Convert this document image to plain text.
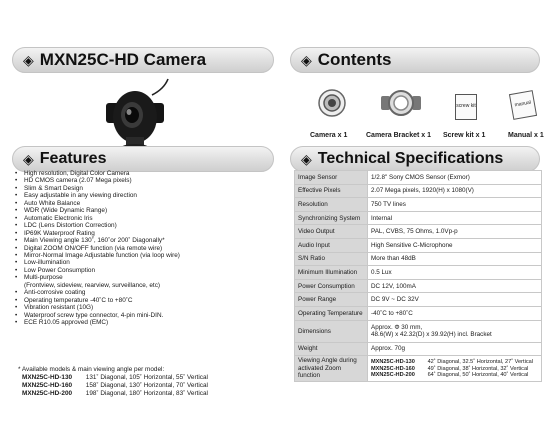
◈ MXN25C-HD Camera	◈ Contents
Camera x 1	Camera Bracket x 1
screw kit
Screw kit x 1
manual
Manual x 1
◈ Features	◈ Technical Specifications
• High resolution, Digital Color Camera
• HD CMOS camera (2.07 Mega pixels)
• Slim & Smart Design
• Easy adjustable in any viewing direction
• Auto White Balance
• WDR (Wide Dynamic Range)
• Automatic Electronic Iris
• LDC (Lens Distortion Correction)
• IP69K Waterproof Rating
• Main Viewing angle 130˚, 160˚or 200˚ Diagonally*
• Digital ZOOM ON/OFF function (via remote wire)
• Mirror-Normal Image Adjustable function (via loop wire)
• Low-illumination
• Low Power Consumption
• Multi-purpose
(Frontview, sideview, rearview, surveillance, etc)
• Anti-corrosive coating
• Operating temperature -40˚C to +80˚C
• Vibration resistant (10G)
• Waterproof screw type connector, 4-pin mini-DIN.
• ECE R10.05 approved (EMC)
* Available models & main viewing angle per model:
MXN25C-HD-130 131˚ Diagonal, 105˚ Horizontal, 55˚ Vertical
MXN25C-HD-160 158˚ Diagonal, 130˚ Horizontal, 70˚ Vertical
MXN25C-HD-200 198˚ Diagonal, 180˚ Horizontal, 83˚ Vertical
Image Sensor	1/2.8" Sony CMOS Sensor (Exmor)
Effective Pixels	2.07 Mega pixels, 1920(H) x 1080(V)
Resolution	750 TV lines
Synchronizing System	Internal
Video Output	PAL, CVBS, 75 Ohms, 1.0Vp-p
Audio Input	High Sensitive C-Microphone
S/N Ratio	More than 48dB
Minimum Illumination	0.5 Lux
Power Consumption	DC 12V, 100mA
Power Range	DC 9V ~ DC 32V
Operating Temperature	-40˚C to +80˚C
Dimensions	Approx. Φ 30 mm,
48.6(W) x 42.32(D) x 39.92(H) incl. Bracket

Weight	Approx. 70g
Viewing Angle during activated Zoom function	MXN25C-HD-130 42˚ Diagonal, 32.5˚ Horizontal, 27˚ Vertical
MXN25C-HD-160 49˚ Diagonal, 38˚ Horizontal, 32˚ Vertical
MXN25C-HD-200 64˚ Diagonal, 50˚ Horizontal, 40˚ Vertical
